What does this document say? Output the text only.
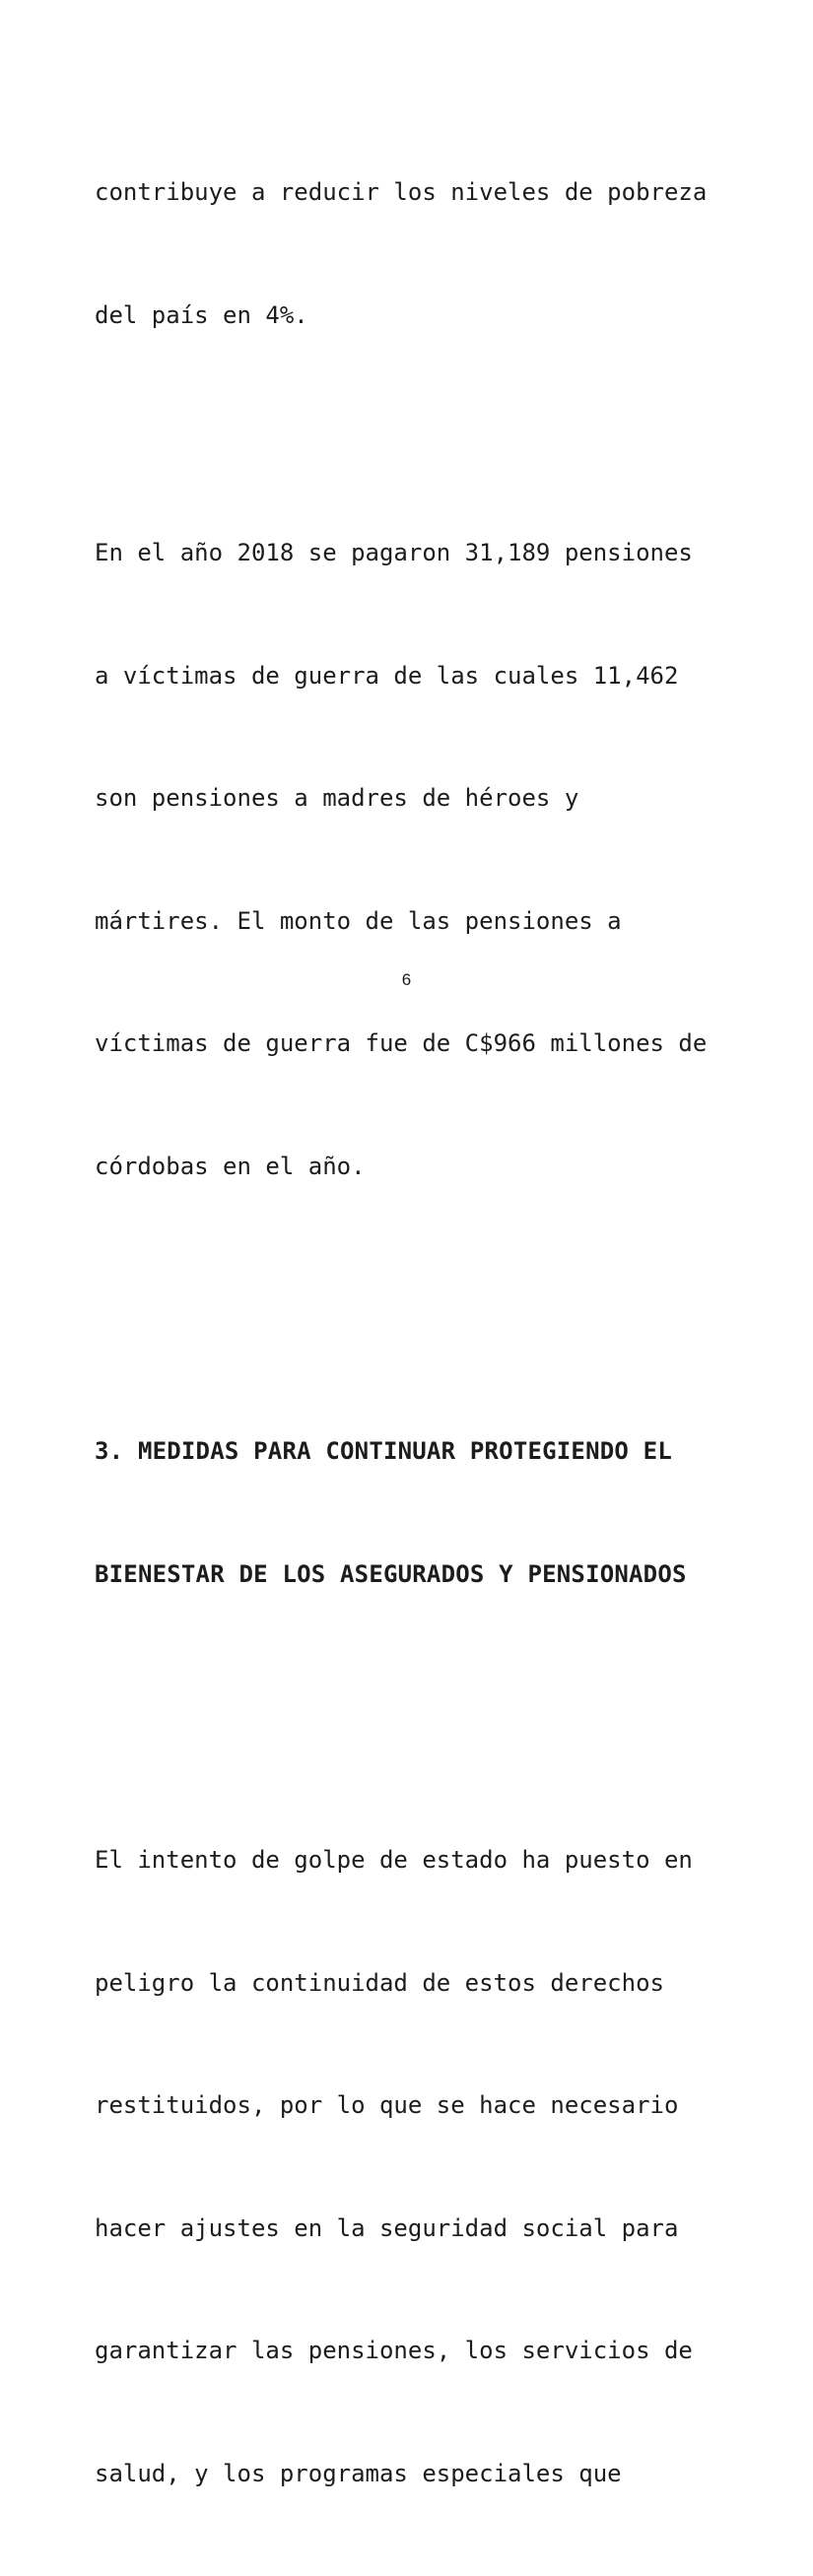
contribuye a reducir los niveles de pobreza

del país en 4%.

En el año 2018 se pagaron 31,189 pensiones

a víctimas de guerra de las cuales 11,462

son pensiones a madres de héroes y

mártires. El monto de las pensiones a

víctimas de guerra fue de C$966 millones de

córdobas en el año.

3. MEDIDAS PARA CONTINUAR PROTEGIENDO EL

BIENESTAR DE LOS ASEGURADOS Y PENSIONADOS

El intento de golpe de estado ha puesto en

peligro la continuidad de estos derechos

restituidos, por lo que se hace necesario

hacer ajustes en la seguridad social para

garantizar las pensiones, los servicios de

salud, y los programas especiales que

6
